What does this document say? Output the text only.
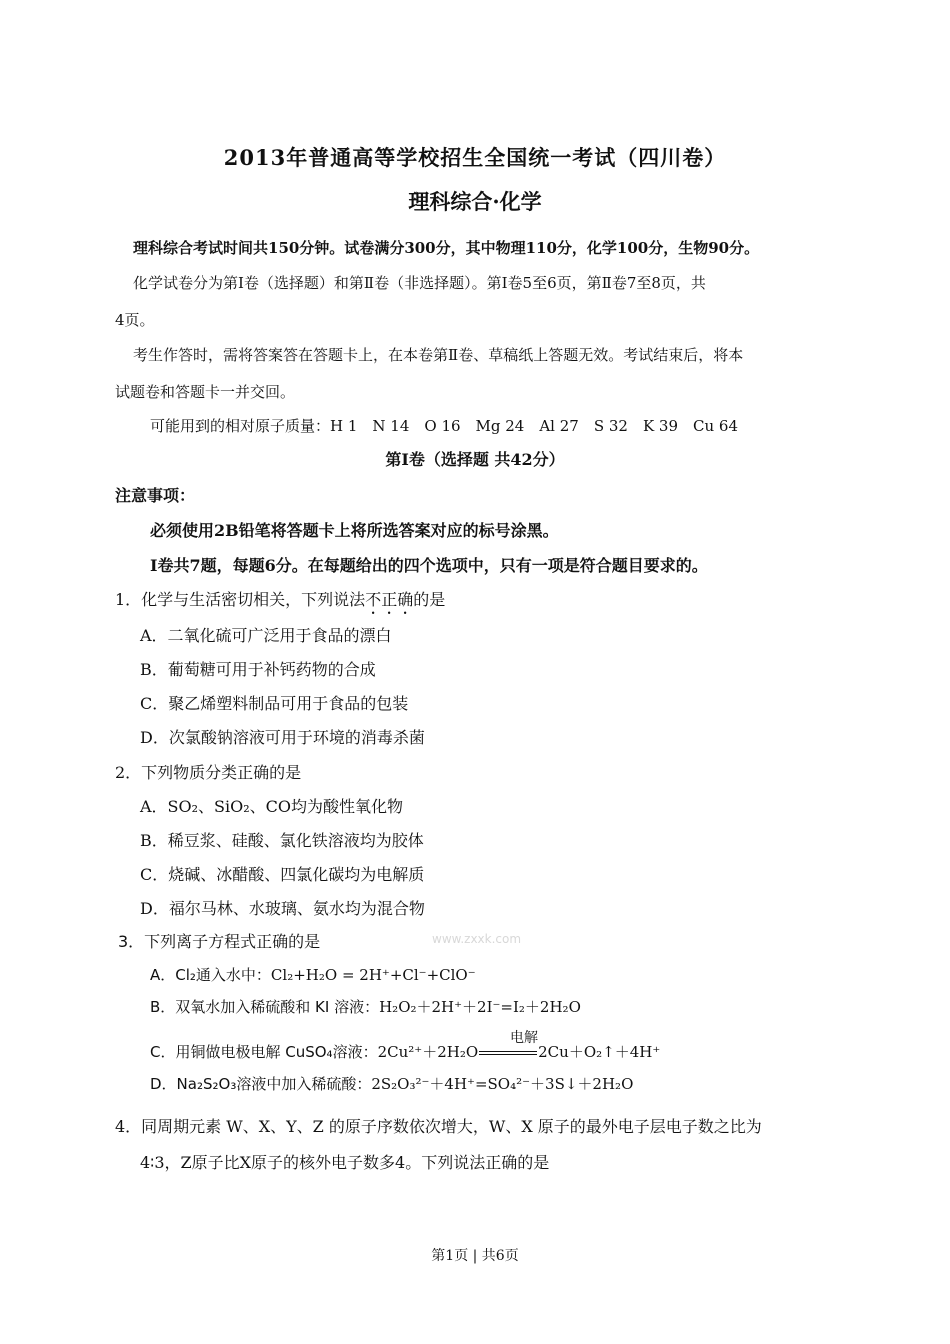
2013年普通高等学校招生全国统一考试（四川卷）
理科综合·化学
理科综合考试时间共150分钟。试卷满分300分，其中物理110分，化学100分，生物90分。
化学试卷分为第Ⅰ卷（选择题）和第Ⅱ卷（非选择题）。第Ⅰ卷5至6页，第Ⅱ卷7至8页，共
4页。
考生作答时，需将答案答在答题卡上，在本卷第Ⅱ卷、草稿纸上答题无效。考试结束后，将本
试题卷和答题卡一并交回。
可能用到的相对原子质量：H 1　N 14　O 16　Mg 24　Al 27　S 32　K 39　Cu 64
第Ⅰ卷（选择题 共42分）
注意事项：
必须使用2B铅笔将答题卡上将所选答案对应的标号涂黑。
Ⅰ卷共7题，每题6分。在每题给出的四个选项中，只有一项是符合题目要求的。
1．化学与生活密切相关，下列说法不正确的是
A．二氧化硫可广泛用于食品的漂白
B．葡萄糖可用于补钙药物的合成
C．聚乙烯塑料制品可用于食品的包装
D．次氯酸钠溶液可用于环境的消毒杀菌
2．下列物质分类正确的是
A．SO₂、SiO₂、CO均为酸性氧化物
B．稀豆浆、硅酸、氯化铁溶液均为胶体
C．烧碱、冰醋酸、四氯化碳均为电解质
D．福尔马林、水玻璃、氨水均为混合物
www.zxxk.com
3．下列离子方程式正确的是
A．Cl₂通入水中：Cl₂+H₂O = 2H⁺+Cl⁻+ClO⁻
B．双氧水加入稀硫酸和 KI 溶液：H₂O₂＋2H⁺＋2I⁻=I₂＋2H₂O
电解
C．用铜做电极电解 CuSO₄溶液：2Cu²⁺＋2H₂O	2Cu＋O₂↑＋4H⁺
D．Na₂S₂O₃溶液中加入稀硫酸：2S₂O₃²⁻＋4H⁺=SO₄²⁻＋3S↓＋2H₂O
4．同周期元素 W、X、Y、Z 的原子序数依次增大，W、X 原子的最外电子层电子数之比为
4∶3，Z原子比X原子的核外电子数多4。下列说法正确的是
第1页 | 共6页
